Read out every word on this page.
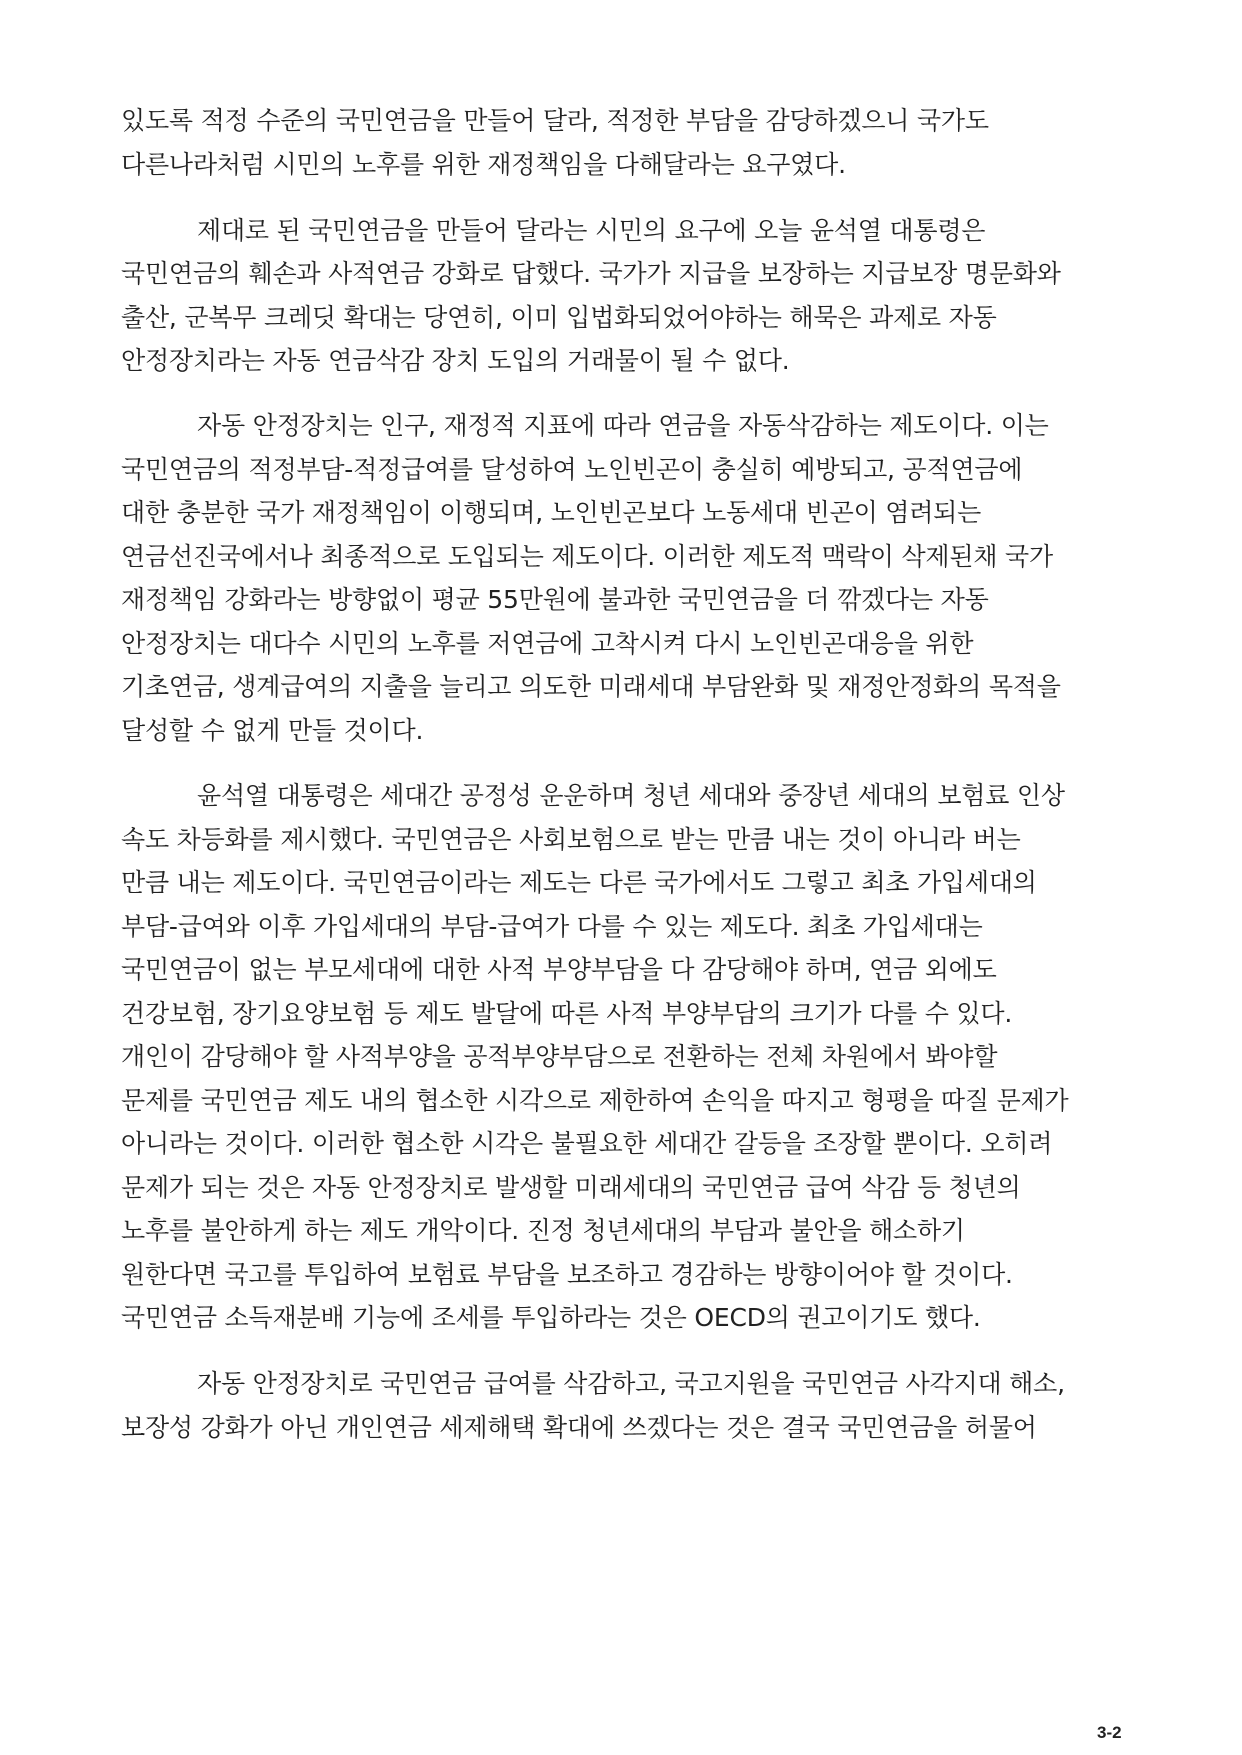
있도록 적정 수준의 국민연금을 만들어 달라, 적정한 부담을 감당하겠으니 국가도
다른나라처럼 시민의 노후를 위한 재정책임을 다해달라는 요구였다.
제대로 된 국민연금을 만들어 달라는 시민의 요구에 오늘 윤석열 대통령은
국민연금의 훼손과 사적연금 강화로 답했다. 국가가 지급을 보장하는 지급보장 명문화와
출산, 군복무 크레딧 확대는 당연히, 이미 입법화되었어야하는 해묵은 과제로 자동
안정장치라는 자동 연금삭감 장치 도입의 거래물이 될 수 없다.
자동 안정장치는 인구, 재정적 지표에 따라 연금을 자동삭감하는 제도이다. 이는
국민연금의 적정부담-적정급여를 달성하여 노인빈곤이 충실히 예방되고, 공적연금에
대한 충분한 국가 재정책임이 이행되며, 노인빈곤보다 노동세대 빈곤이 염려되는
연금선진국에서나 최종적으로 도입되는 제도이다. 이러한 제도적 맥락이 삭제된채 국가
재정책임 강화라는 방향없이 평균 55만원에 불과한 국민연금을 더 깎겠다는 자동
안정장치는 대다수 시민의 노후를 저연금에 고착시켜 다시 노인빈곤대응을 위한
기초연금, 생계급여의 지출을 늘리고 의도한 미래세대 부담완화 및 재정안정화의 목적을
달성할 수 없게 만들 것이다.
윤석열 대통령은 세대간 공정성 운운하며 청년 세대와 중장년 세대의 보험료 인상
속도 차등화를 제시했다. 국민연금은 사회보험으로 받는 만큼 내는 것이 아니라 버는
만큼 내는 제도이다. 국민연금이라는 제도는 다른 국가에서도 그렇고 최초 가입세대의
부담-급여와 이후 가입세대의 부담-급여가 다를 수 있는 제도다. 최초 가입세대는
국민연금이 없는 부모세대에 대한 사적 부양부담을 다 감당해야 하며, 연금 외에도
건강보험, 장기요양보험 등 제도 발달에 따른 사적 부양부담의 크기가 다를 수 있다.
개인이 감당해야 할 사적부양을 공적부양부담으로 전환하는 전체 차원에서 봐야할
문제를 국민연금 제도 내의 협소한 시각으로 제한하여 손익을 따지고 형평을 따질 문제가
아니라는 것이다. 이러한 협소한 시각은 불필요한 세대간 갈등을 조장할 뿐이다. 오히려
문제가 되는 것은 자동 안정장치로 발생할 미래세대의 국민연금 급여 삭감 등 청년의
노후를 불안하게 하는 제도 개악이다. 진정 청년세대의 부담과 불안을 해소하기
원한다면 국고를 투입하여 보험료 부담을 보조하고 경감하는 방향이어야 할 것이다.
국민연금 소득재분배 기능에 조세를 투입하라는 것은 OECD의 권고이기도 했다.
자동 안정장치로 국민연금 급여를 삭감하고, 국고지원을 국민연금 사각지대 해소,
보장성 강화가 아닌 개인연금 세제해택 확대에 쓰겠다는 것은 결국 국민연금을 허물어
3-2
